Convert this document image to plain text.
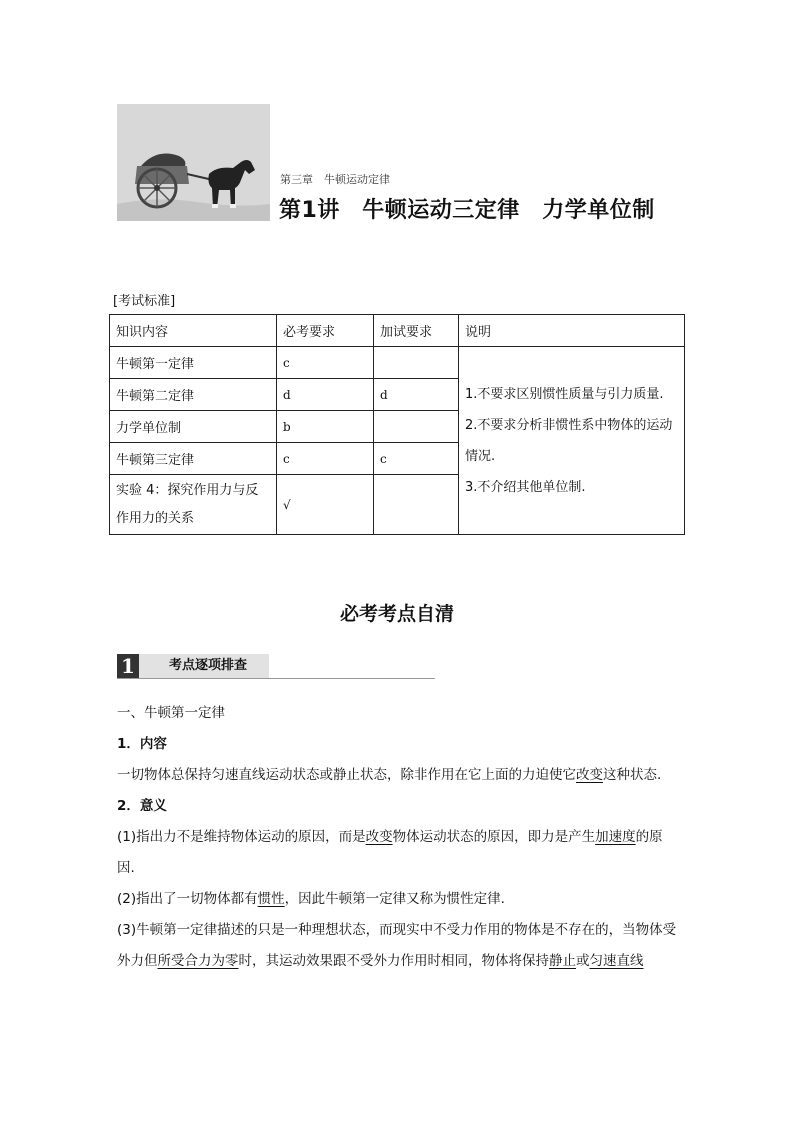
第三章　牛顿运动定律
第1讲　牛顿运动三定律　力学单位制
[考试标准]
知识内容	必考要求	加试要求	说明
牛顿第一定律	c		1.不要求区别惯性质量与引力质量.
2.不要求分析非惯性系中物体的运动情况.
3.不介绍其他单位制.

牛顿第二定律	d	d	
力学单位制	b		
牛顿第三定律	c	c	
实验 4：探究作用力与反作用力的关系	√		
必考考点自清
1	考点逐项排查

一、牛顿第一定律

1．内容

一切物体总保持匀速直线运动状态或静止状态，除非作用在它上面的力迫使它改变这种状态.

2．意义

(1)指出力不是维持物体运动的原因，而是改变物体运动状态的原因，即力是产生加速度的原因.

(2)指出了一切物体都有惯性，因此牛顿第一定律又称为惯性定律.

(3)牛顿第一定律描述的只是一种理想状态，而现实中不受力作用的物体是不存在的，当物体受外力但所受合力为零时，其运动效果跟不受外力作用时相同，物体将保持静止或匀速直线
